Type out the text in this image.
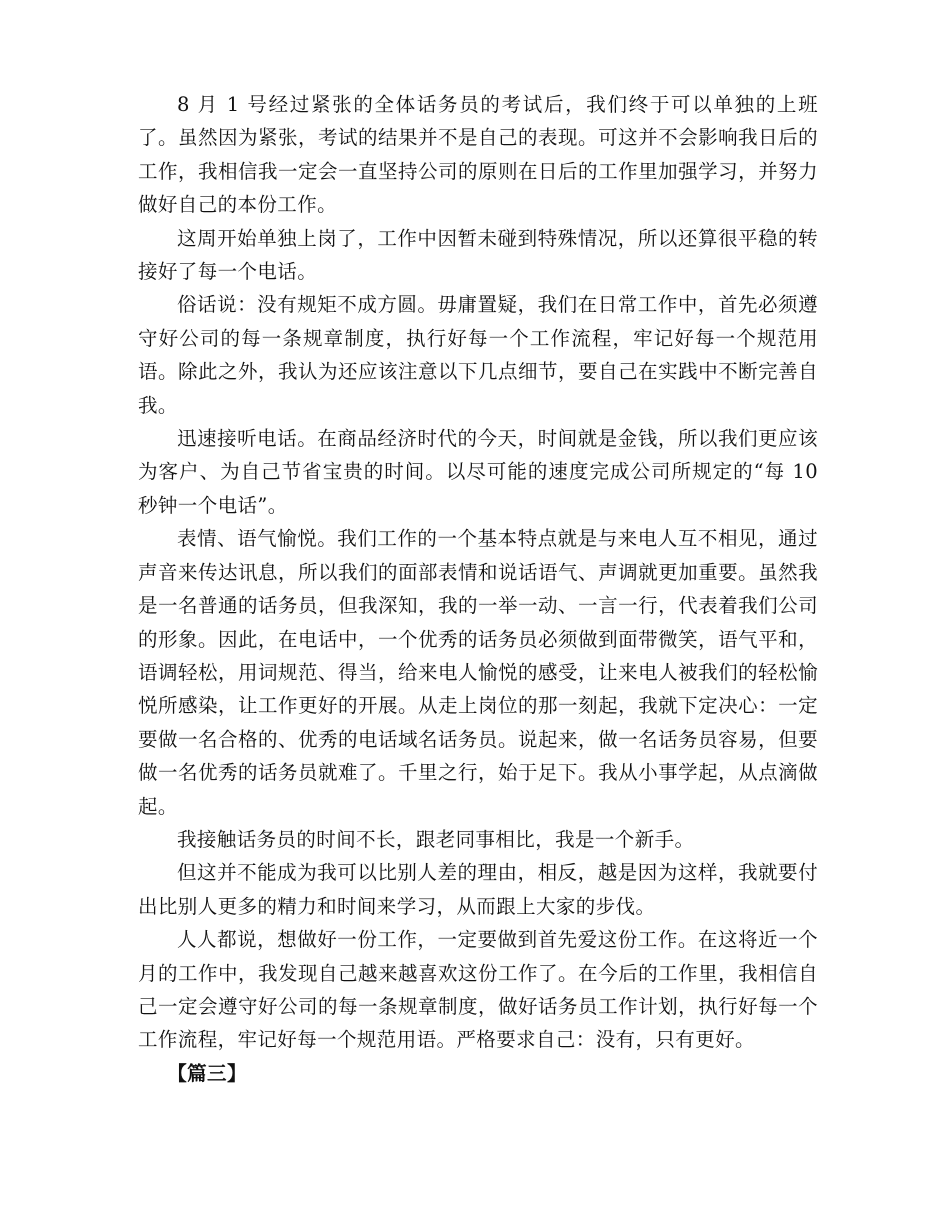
8 月 1 号经过紧张的全体话务员的考试后，我们终于可以单独的上班了。虽然因为紧张，考试的结果并不是自己的表现。可这并不会影响我日后的工作，我相信我一定会一直坚持公司的原则在日后的工作里加强学习，并努力做好自己的本份工作。

这周开始单独上岗了，工作中因暂未碰到特殊情况，所以还算很平稳的转接好了每一个电话。

俗话说：没有规矩不成方圆。毋庸置疑，我们在日常工作中，首先必须遵守好公司的每一条规章制度，执行好每一个工作流程，牢记好每一个规范用语。除此之外，我认为还应该注意以下几点细节，要自己在实践中不断完善自我。

迅速接听电话。在商品经济时代的今天，时间就是金钱，所以我们更应该为客户、为自己节省宝贵的时间。以尽可能的速度完成公司所规定的“每 10 秒钟一个电话”。

表情、语气愉悦。我们工作的一个基本特点就是与来电人互不相见，通过声音来传达讯息，所以我们的面部表情和说话语气、声调就更加重要。虽然我是一名普通的话务员，但我深知，我的一举一动、一言一行，代表着我们公司的形象。因此，在电话中，一个优秀的话务员必须做到面带微笑，语气平和，语调轻松，用词规范、得当，给来电人愉悦的感受，让来电人被我们的轻松愉悦所感染，让工作更好的开展。从走上岗位的那一刻起，我就下定决心：一定要做一名合格的、优秀的电话域名话务员。说起来，做一名话务员容易，但要做一名优秀的话务员就难了。千里之行，始于足下。我从小事学起，从点滴做起。

我接触话务员的时间不长，跟老同事相比，我是一个新手。

但这并不能成为我可以比别人差的理由，相反，越是因为这样，我就要付出比别人更多的精力和时间来学习，从而跟上大家的步伐。

人人都说，想做好一份工作，一定要做到首先爱这份工作。在这将近一个月的工作中，我发现自己越来越喜欢这份工作了。在今后的工作里，我相信自己一定会遵守好公司的每一条规章制度，做好话务员工作计划，执行好每一个工作流程，牢记好每一个规范用语。严格要求自己：没有，只有更好。

【篇三】
